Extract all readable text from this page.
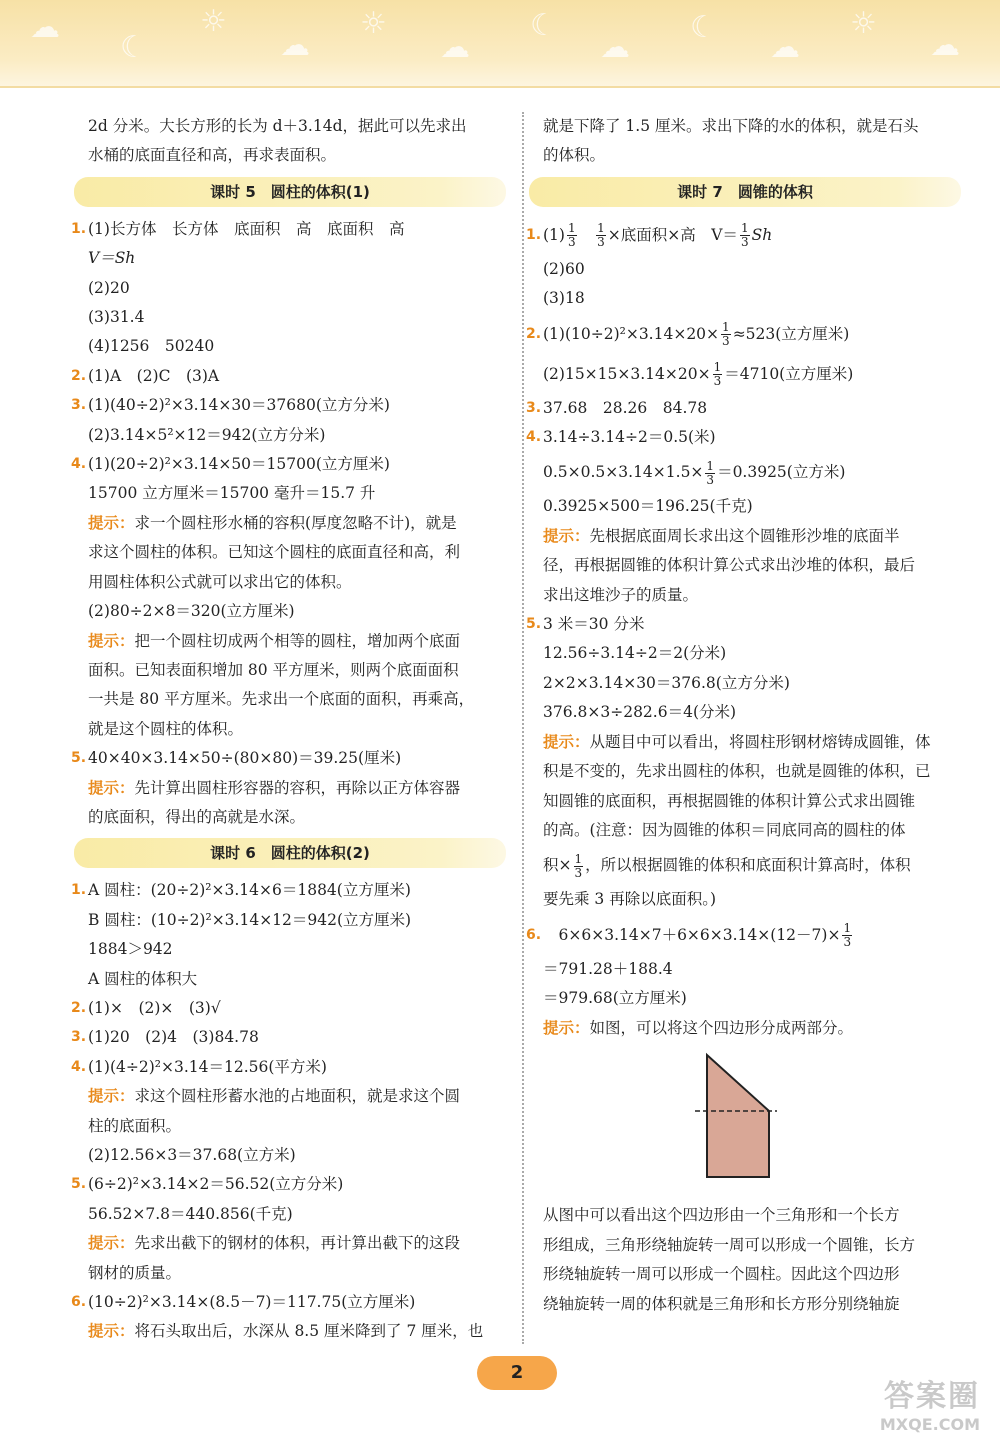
☁
☾
☼
☁
☼
☁
☾
☁
☾
☁
☼
☁
2d 分米。大长方形的长为 d＋3.14d，据此可以先求出
水桶的底面直径和高，再求表面积。
课时 5　圆柱的体积(1)
1. (1)长方体　长方体　底面积　高　底面积　高
V＝Sh
(2)20
(3)31.4
(4)1256　50240
2. (1)A　(2)C　(3)A
3. (1)(40÷2)²×3.14×30＝37680(立方分米)
(2)3.14×5²×12＝942(立方分米)
4. (1)(20÷2)²×3.14×50＝15700(立方厘米)
15700 立方厘米＝15700 毫升＝15.7 升
提示：求一个圆柱形水桶的容积(厚度忽略不计)，就是
求这个圆柱的体积。已知这个圆柱的底面直径和高，利
用圆柱体积公式就可以求出它的体积。
(2)80÷2×8＝320(立方厘米)
提示：把一个圆柱切成两个相等的圆柱，增加两个底面
面积。已知表面积增加 80 平方厘米，则两个底面面积
一共是 80 平方厘米。先求出一个底面的面积，再乘高，
就是这个圆柱的体积。
5. 40×40×3.14×50÷(80×80)＝39.25(厘米)
提示：先计算出圆柱形容器的容积，再除以正方体容器
的底面积，得出的高就是水深。
课时 6　圆柱的体积(2)
1. A 圆柱：(20÷2)²×3.14×6＝1884(立方厘米)
B 圆柱：(10÷2)²×3.14×12＝942(立方厘米)
1884＞942
A 圆柱的体积大
2. (1)×　(2)×　(3)√
3. (1)20　(2)4　(3)84.78
4. (1)(4÷2)²×3.14＝12.56(平方米)
提示：求这个圆柱形蓄水池的占地面积，就是求这个圆
柱的底面积。
(2)12.56×3＝37.68(立方米)
5. (6÷2)²×3.14×2＝56.52(立方分米)
56.52×7.8＝440.856(千克)
提示：先求出截下的钢材的体积，再计算出截下的这段
钢材的质量。
6. (10÷2)²×3.14×(8.5－7)＝117.75(立方厘米)
提示：将石头取出后，水深从 8.5 厘米降到了 7 厘米，也
就是下降了 1.5 厘米。求出下降的水的体积，就是石头
的体积。
课时 7　圆锥的体积
1. $(1) \frac{1}{3}$
　 $\frac{1}{3}$ ×底面积×高　$V= \frac{1}{3}$ Sh
(2)60
(3)18
2. $(1)(10\div 2)^2\times 3.14\times 20\times \frac{1}{3} \approx 523$(立方厘米)
$(2)15\times 15\times 3.14\times 20\times \frac{1}{3} =4710$(立方厘米)
3. 37.68　28.26　84.78
4. 3.14÷3.14÷2＝0.5(米)
$0.5\times 0.5\times 3.14\times 1.5\times \frac{1}{3} =0.3925$(立方米)
0.3925×500＝196.25(千克)
提示：先根据底面周长求出这个圆锥形沙堆的底面半
径，再根据圆锥的体积计算公式求出沙堆的体积，最后
求出这堆沙子的质量。
5. 3 米＝30 分米
12.56÷3.14÷2＝2(分米)
2×2×3.14×30＝376.8(立方分米)
376.8×3÷282.6＝4(分米)
提示：从题目中可以看出，将圆柱形钢材熔铸成圆锥，体
积是不变的，先求出圆柱的体积，也就是圆锥的体积，已
知圆锥的底面积，再根据圆锥的体积计算公式求出圆锥
的高。(注意：因为圆锥的体积＝同底同高的圆柱的体
积× $\frac{1}{3}$ ，所以根据圆锥的体积和底面积计算高时，体积
要先乘 3 再除以底面积。)
6.
　 $6\times 6\times 3.14\times 7+6\times 6\times 3.14\times(12-7)\times \frac{1}{3}$
＝791.28＋188.4
＝979.68(立方厘米)
提示：如图，可以将这个四边形分成两部分。
从图中可以看出这个四边形由一个三角形和一个长方
形组成，三角形绕轴旋转一周可以形成一个圆锥，长方
形绕轴旋转一周可以形成一个圆柱。因此这个四边形
绕轴旋转一周的体积就是三角形和长方形分别绕轴旋
2
答案圈
MXQE.COM
